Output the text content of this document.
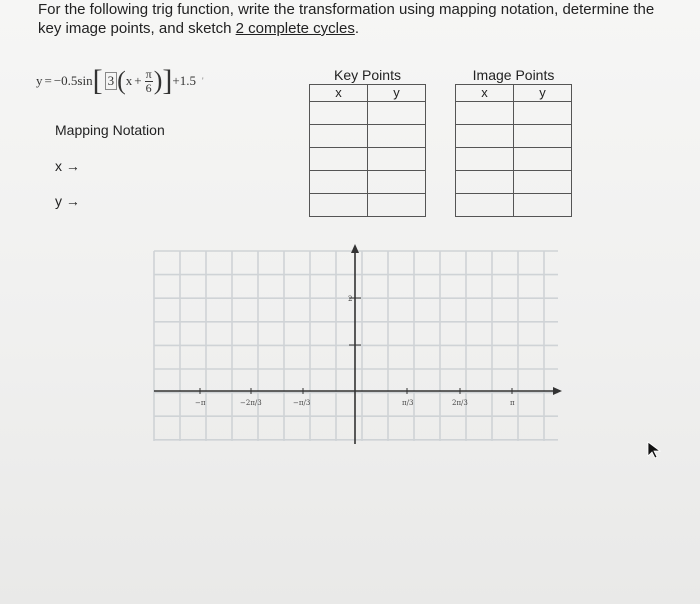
For the following trig function, write the transformation using mapping notation, determine the key image points, and sketch 2 complete cycles.
y = −0.5sin [ 3 ( $x + \frac{\pi}{6}$ ) ] +1.5 '
Mapping Notation
x →
y →
Key Points
x	y

Image Points
x	y

2
−π	−2π/3	−π/3	π/3	2π/3	π
